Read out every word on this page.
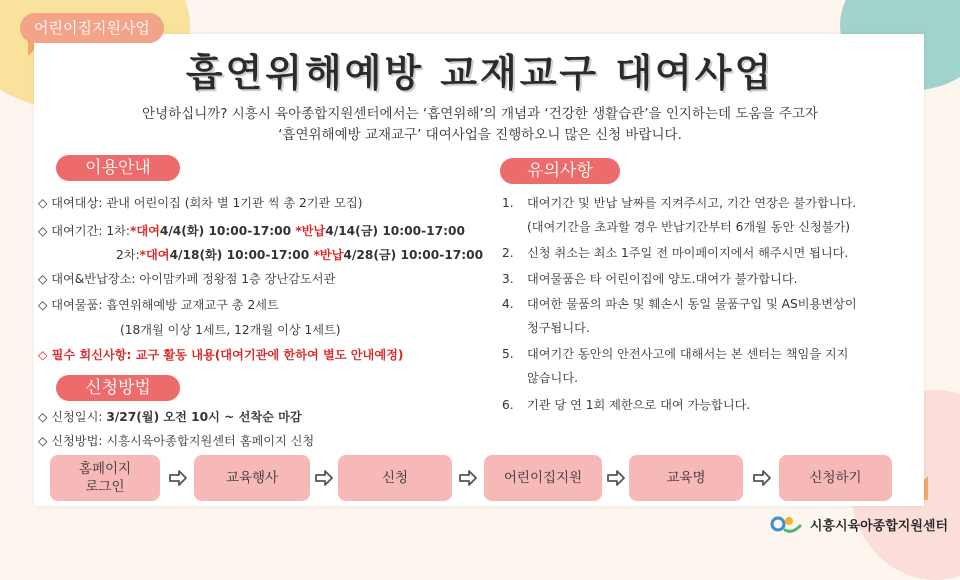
어린이집지원사업
흡연위해예방 교재교구 대여사업
안녕하십니까? 시흥시 육아종합지원센터에서는 ‘흡연위해’의 개념과 ‘건강한 생활습관’을 인지하는데 도움을 주고자
‘흡연위해예방 교재교구’ 대여사업을 진행하오니 많은 신청 바랍니다.
이용안내
◇ 대여대상: 관내 어린이집 (회차 별 1기관 씩 총 2기관 모집)
◇ 대여기간: 1차:*대여4/4(화) 10:00-17:00 *반납4/14(금) 10:00-17:00
2차:*대여4/18(화) 10:00-17:00 *반납4/28(금) 10:00-17:00
◇ 대여&반납장소: 아이맘카페 정왕점 1층 장난감도서관
◇ 대여물품: 흡연위해예방 교재교구 총 2세트
(18개월 이상 1세트, 12개월 이상 1세트)
◇ 필수 회신사항: 교구 활동 내용(대여기관에 한하여 별도 안내예정)
신청방법
◇ 신청일시: 3/27(월) 오전 10시 ~ 선착순 마감
◇ 신청방법: 시흥시육아종합지원센터 홈페이지 신청
유의사항
1. 대여기간 및 반납 날짜를 지켜주시고, 기간 연장은 불가합니다.
(대여기간을 초과할 경우 반납기간부터 6개월 동안 신청불가)
2. 신청 취소는 최소 1주일 전 마이페이지에서 해주시면 됩니다.
3. 대여물품은 타 어린이집에 양도.대여가 불가합니다.
4. 대여한 물품의 파손 및 훼손시 동일 물품구입 및 AS비용변상이
청구됩니다.
5. 대여기간 동안의 안전사고에 대해서는 본 센터는 책임을 지지
않습니다.
6. 기관 당 연 1회 제한으로 대여 가능합니다.
홈페이지
로그인
교육행사	신청	어린이집지원	교육명	신청하기
시흥시육아종합지원센터
